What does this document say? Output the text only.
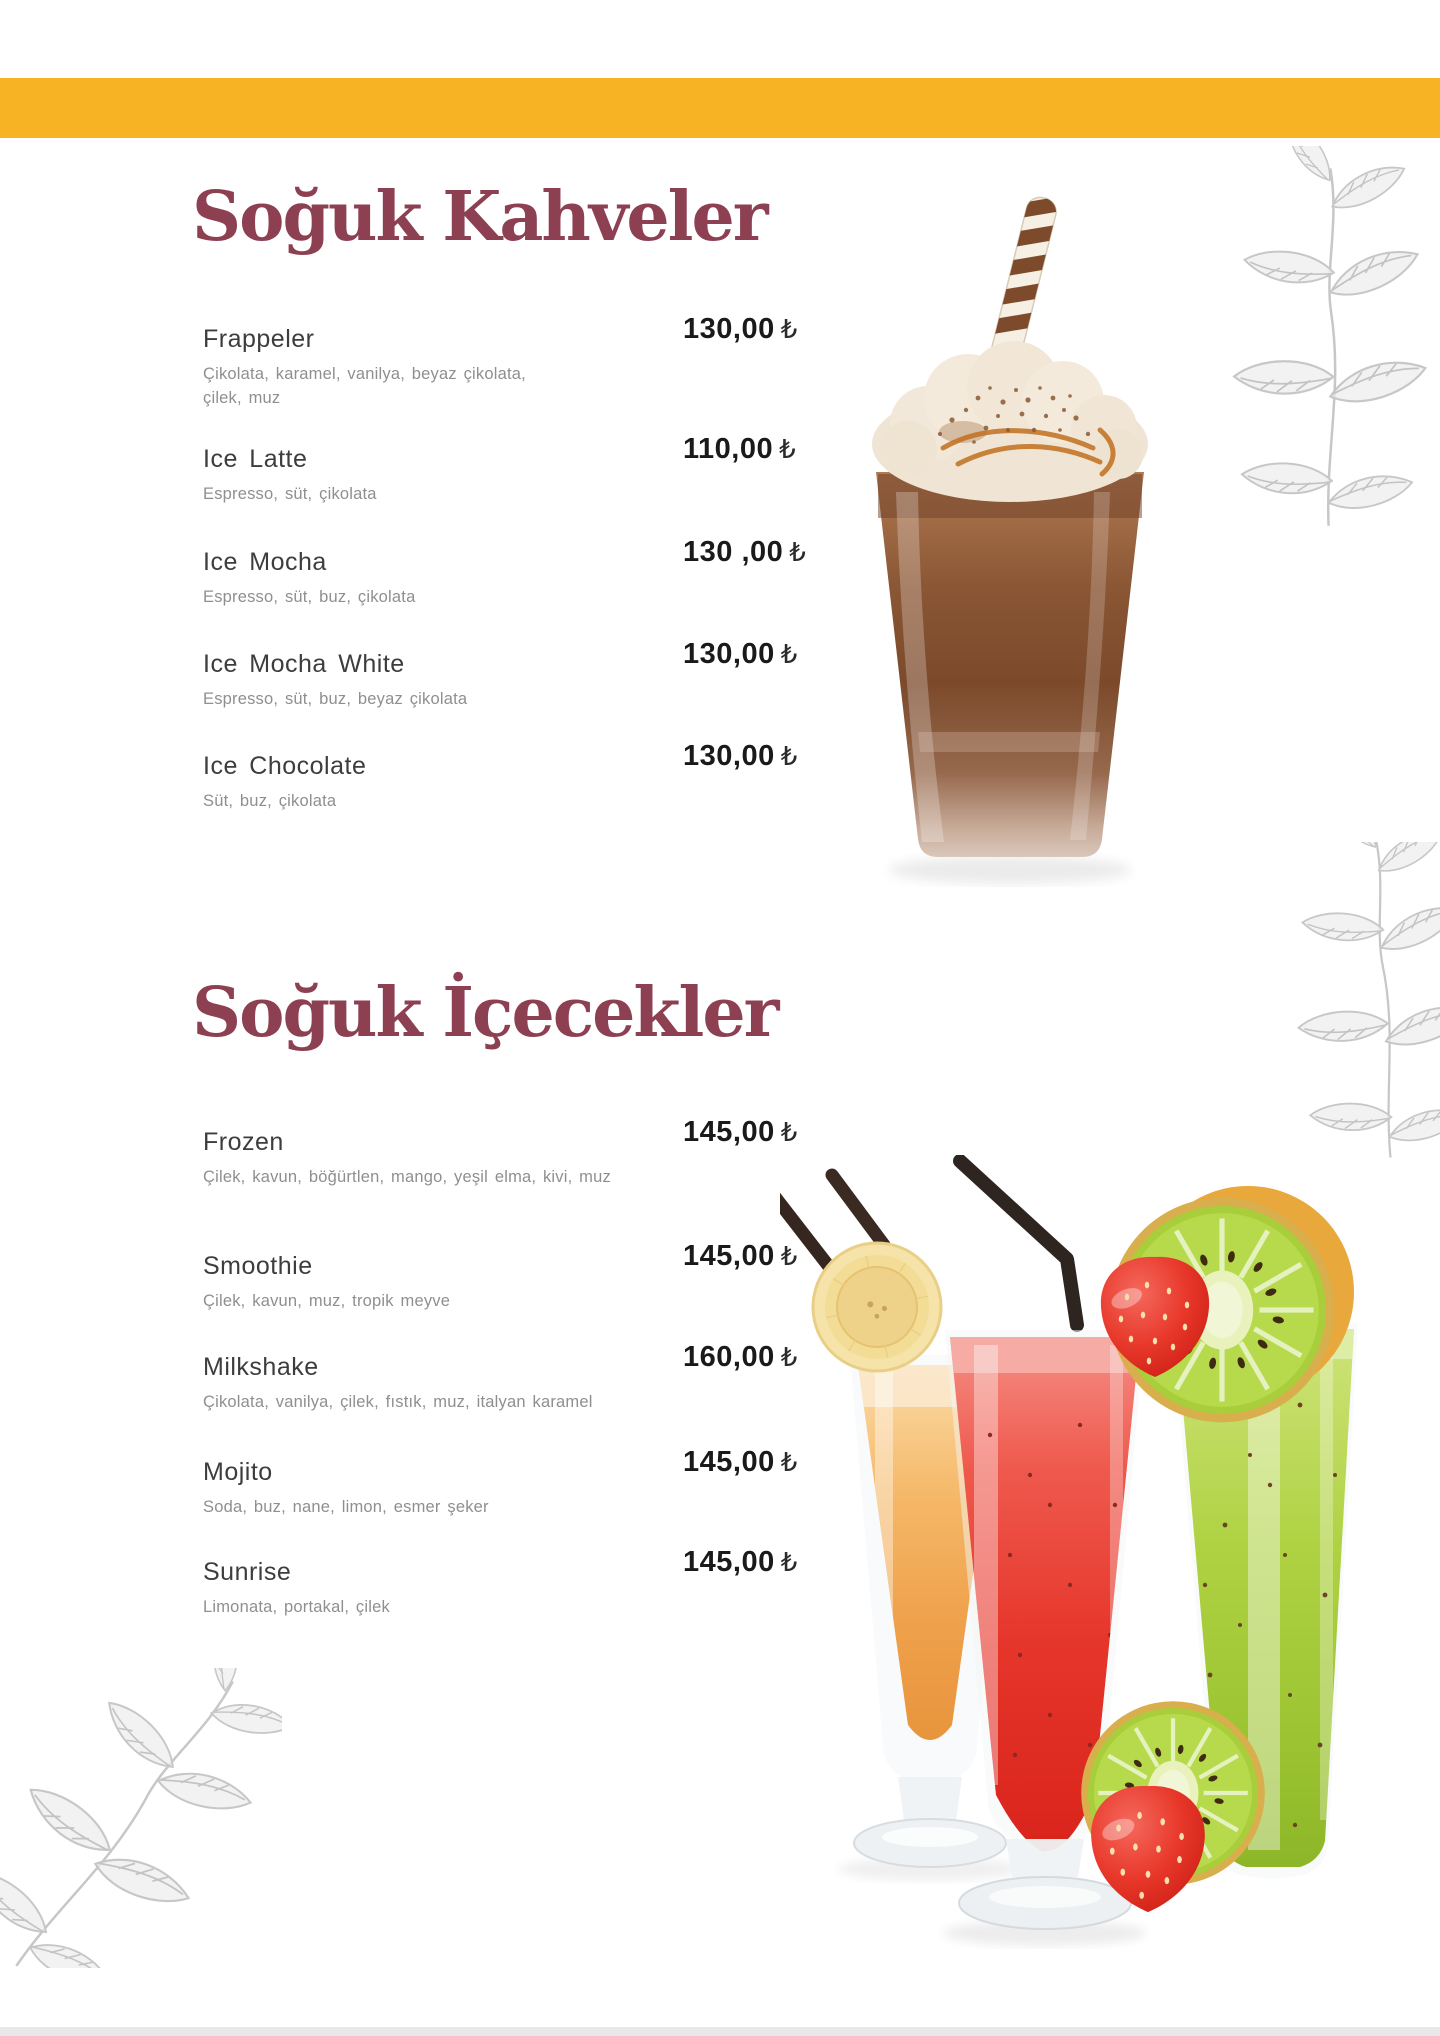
Soğuk Kahveler
Frappeler
Çikolata, karamel, vanilya, beyaz çikolata, çilek, muz
130,00 ₺
Ice Latte
Espresso, süt, çikolata
110,00 ₺
Ice Mocha
Espresso, süt, buz, çikolata
130 ,00 ₺
Ice Mocha White
Espresso, süt, buz, beyaz çikolata
130,00 ₺
Ice Chocolate
Süt, buz, çikolata
130,00 ₺
Soğuk İçecekler
Frozen
Çilek, kavun, böğürtlen, mango, yeşil elma, kivi, muz
145,00 ₺
Smoothie
Çilek, kavun, muz, tropik meyve
145,00 ₺
Milkshake
Çikolata, vanilya, çilek, fıstık, muz, italyan karamel
160,00 ₺
Mojito
Soda, buz, nane, limon, esmer şeker
145,00 ₺
Sunrise
Limonata, portakal, çilek
145,00 ₺
